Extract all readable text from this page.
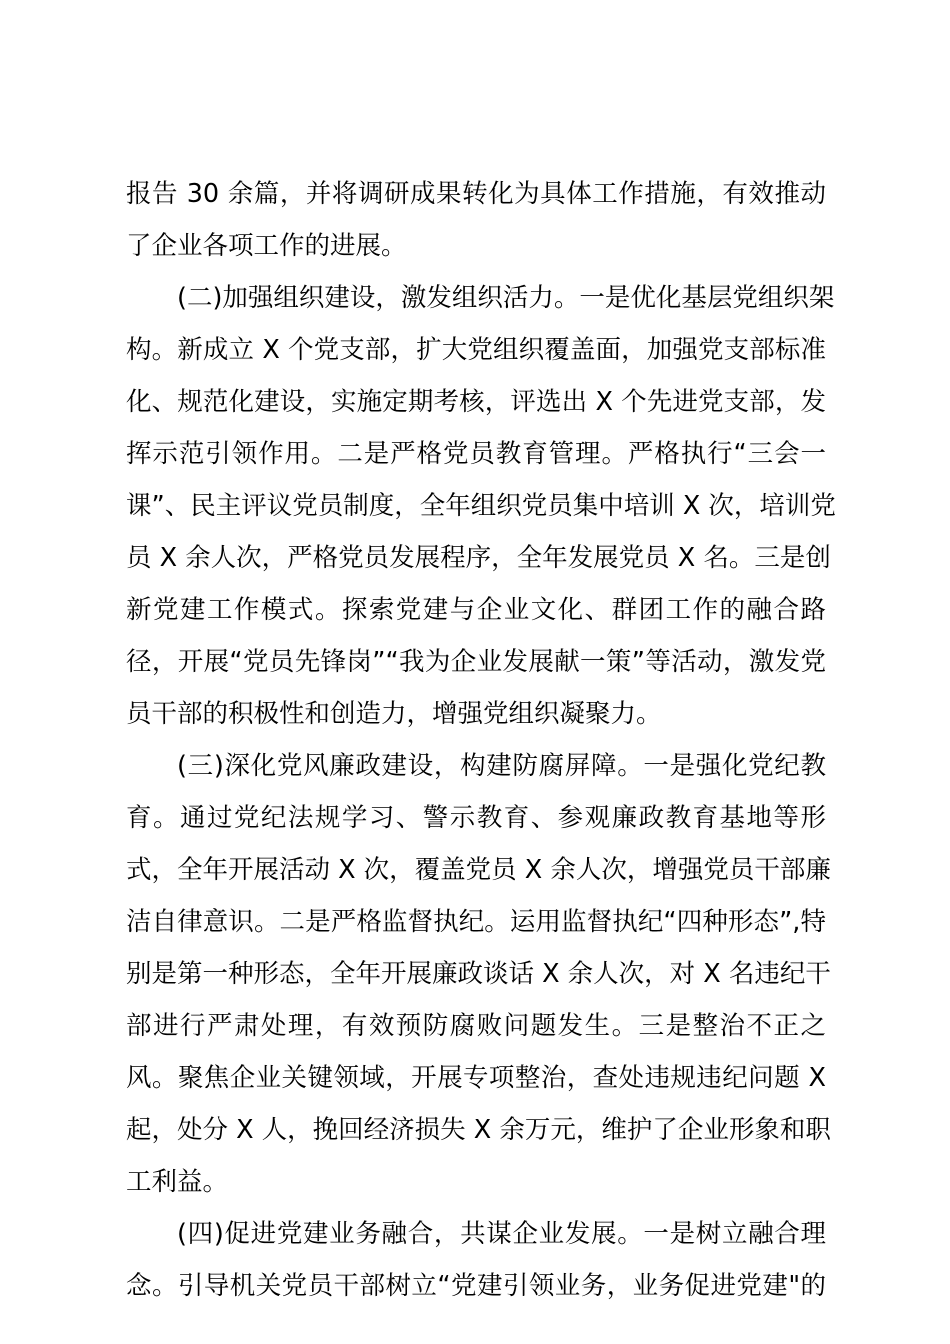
报告 30 余篇，并将调研成果转化为具体工作措施，有效推动
了企业各项工作的进展。
(二)加强组织建设，激发组织活力。一是优化基层党组织架
构。新成立 X 个党支部，扩大党组织覆盖面，加强党支部标准
化、规范化建设，实施定期考核，评选出 X 个先进党支部，发
挥示范引领作用。二是严格党员教育管理。严格执行“三会一
课”、民主评议党员制度，全年组织党员集中培训 X 次，培训党
员 X 余人次，严格党员发展程序，全年发展党员 X 名。三是创
新党建工作模式。探索党建与企业文化、群团工作的融合路
径，开展“党员先锋岗”“我为企业发展献一策”等活动，激发党
员干部的积极性和创造力，增强党组织凝聚力。
(三)深化党风廉政建设，构建防腐屏障。一是强化党纪教
育。通过党纪法规学习、警示教育、参观廉政教育基地等形
式，全年开展活动 X 次，覆盖党员 X 余人次，增强党员干部廉
洁自律意识。二是严格监督执纪。运用监督执纪“四种形态”,特
别是第一种形态，全年开展廉政谈话 X 余人次，对 X 名违纪干
部进行严肃处理，有效预防腐败问题发生。三是整治不正之
风。聚焦企业关键领域，开展专项整治，查处违规违纪问题 X
起，处分 X 人，挽回经济损失 X 余万元，维护了企业形象和职
工利益。
(四)促进党建业务融合，共谋企业发展。一是树立融合理
念。引导机关党员干部树立“党建引领业务，业务促进党建"的
